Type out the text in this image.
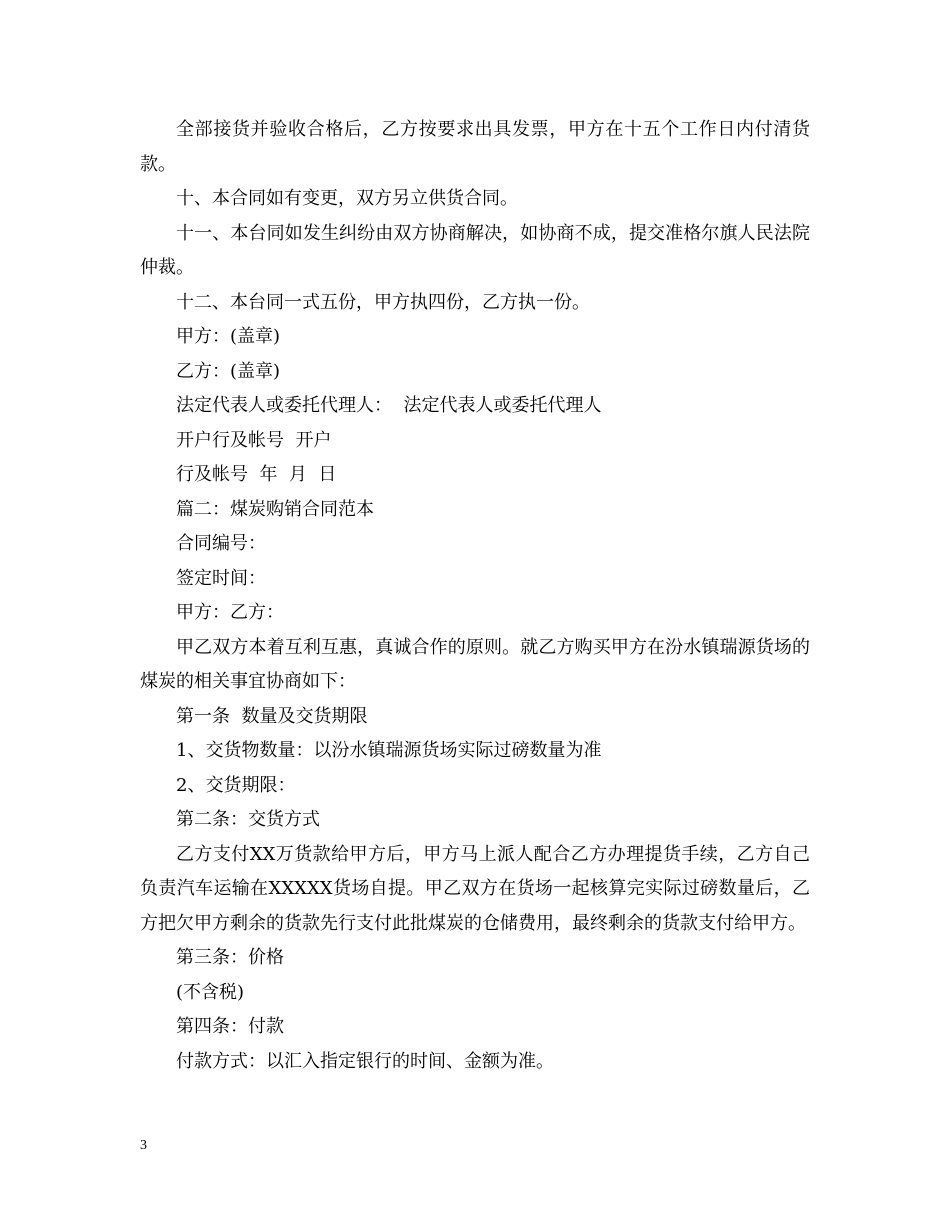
全部接货并验收合格后，乙方按要求出具发票，甲方在十五个工作日内付清货款。

十、本合同如有变更，双方另立供货合同。

十一、本台同如发生纠纷由双方协商解决，如协商不成，提交准格尔旗人民法院仲裁。

十二、本台同一式五份，甲方执四份，乙方执一份。

甲方：(盖章)

乙方：(盖章)

法定代表人或委托代理人：  法定代表人或委托代理人

开户行及帐号  开户

行及帐号  年  月  日

篇二：煤炭购销合同范本

合同编号：

签定时间：

甲方：乙方：

甲乙双方本着互利互惠，真诚合作的原则。就乙方购买甲方在汾水镇瑞源货场的煤炭的相关事宜协商如下：

第一条  数量及交货期限

1、交货物数量：以汾水镇瑞源货场实际过磅数量为准

2、交货期限：

第二条：交货方式

乙方支付XX万货款给甲方后，甲方马上派人配合乙方办理提货手续，乙方自己负责汽车运输在XXXXX货场自提。甲乙双方在货场一起核算完实际过磅数量后，乙方把欠甲方剩余的货款先行支付此批煤炭的仓储费用，最终剩余的货款支付给甲方。

第三条：价格

(不含税)

第四条：付款

付款方式：以汇入指定银行的时间、金额为准。

3
